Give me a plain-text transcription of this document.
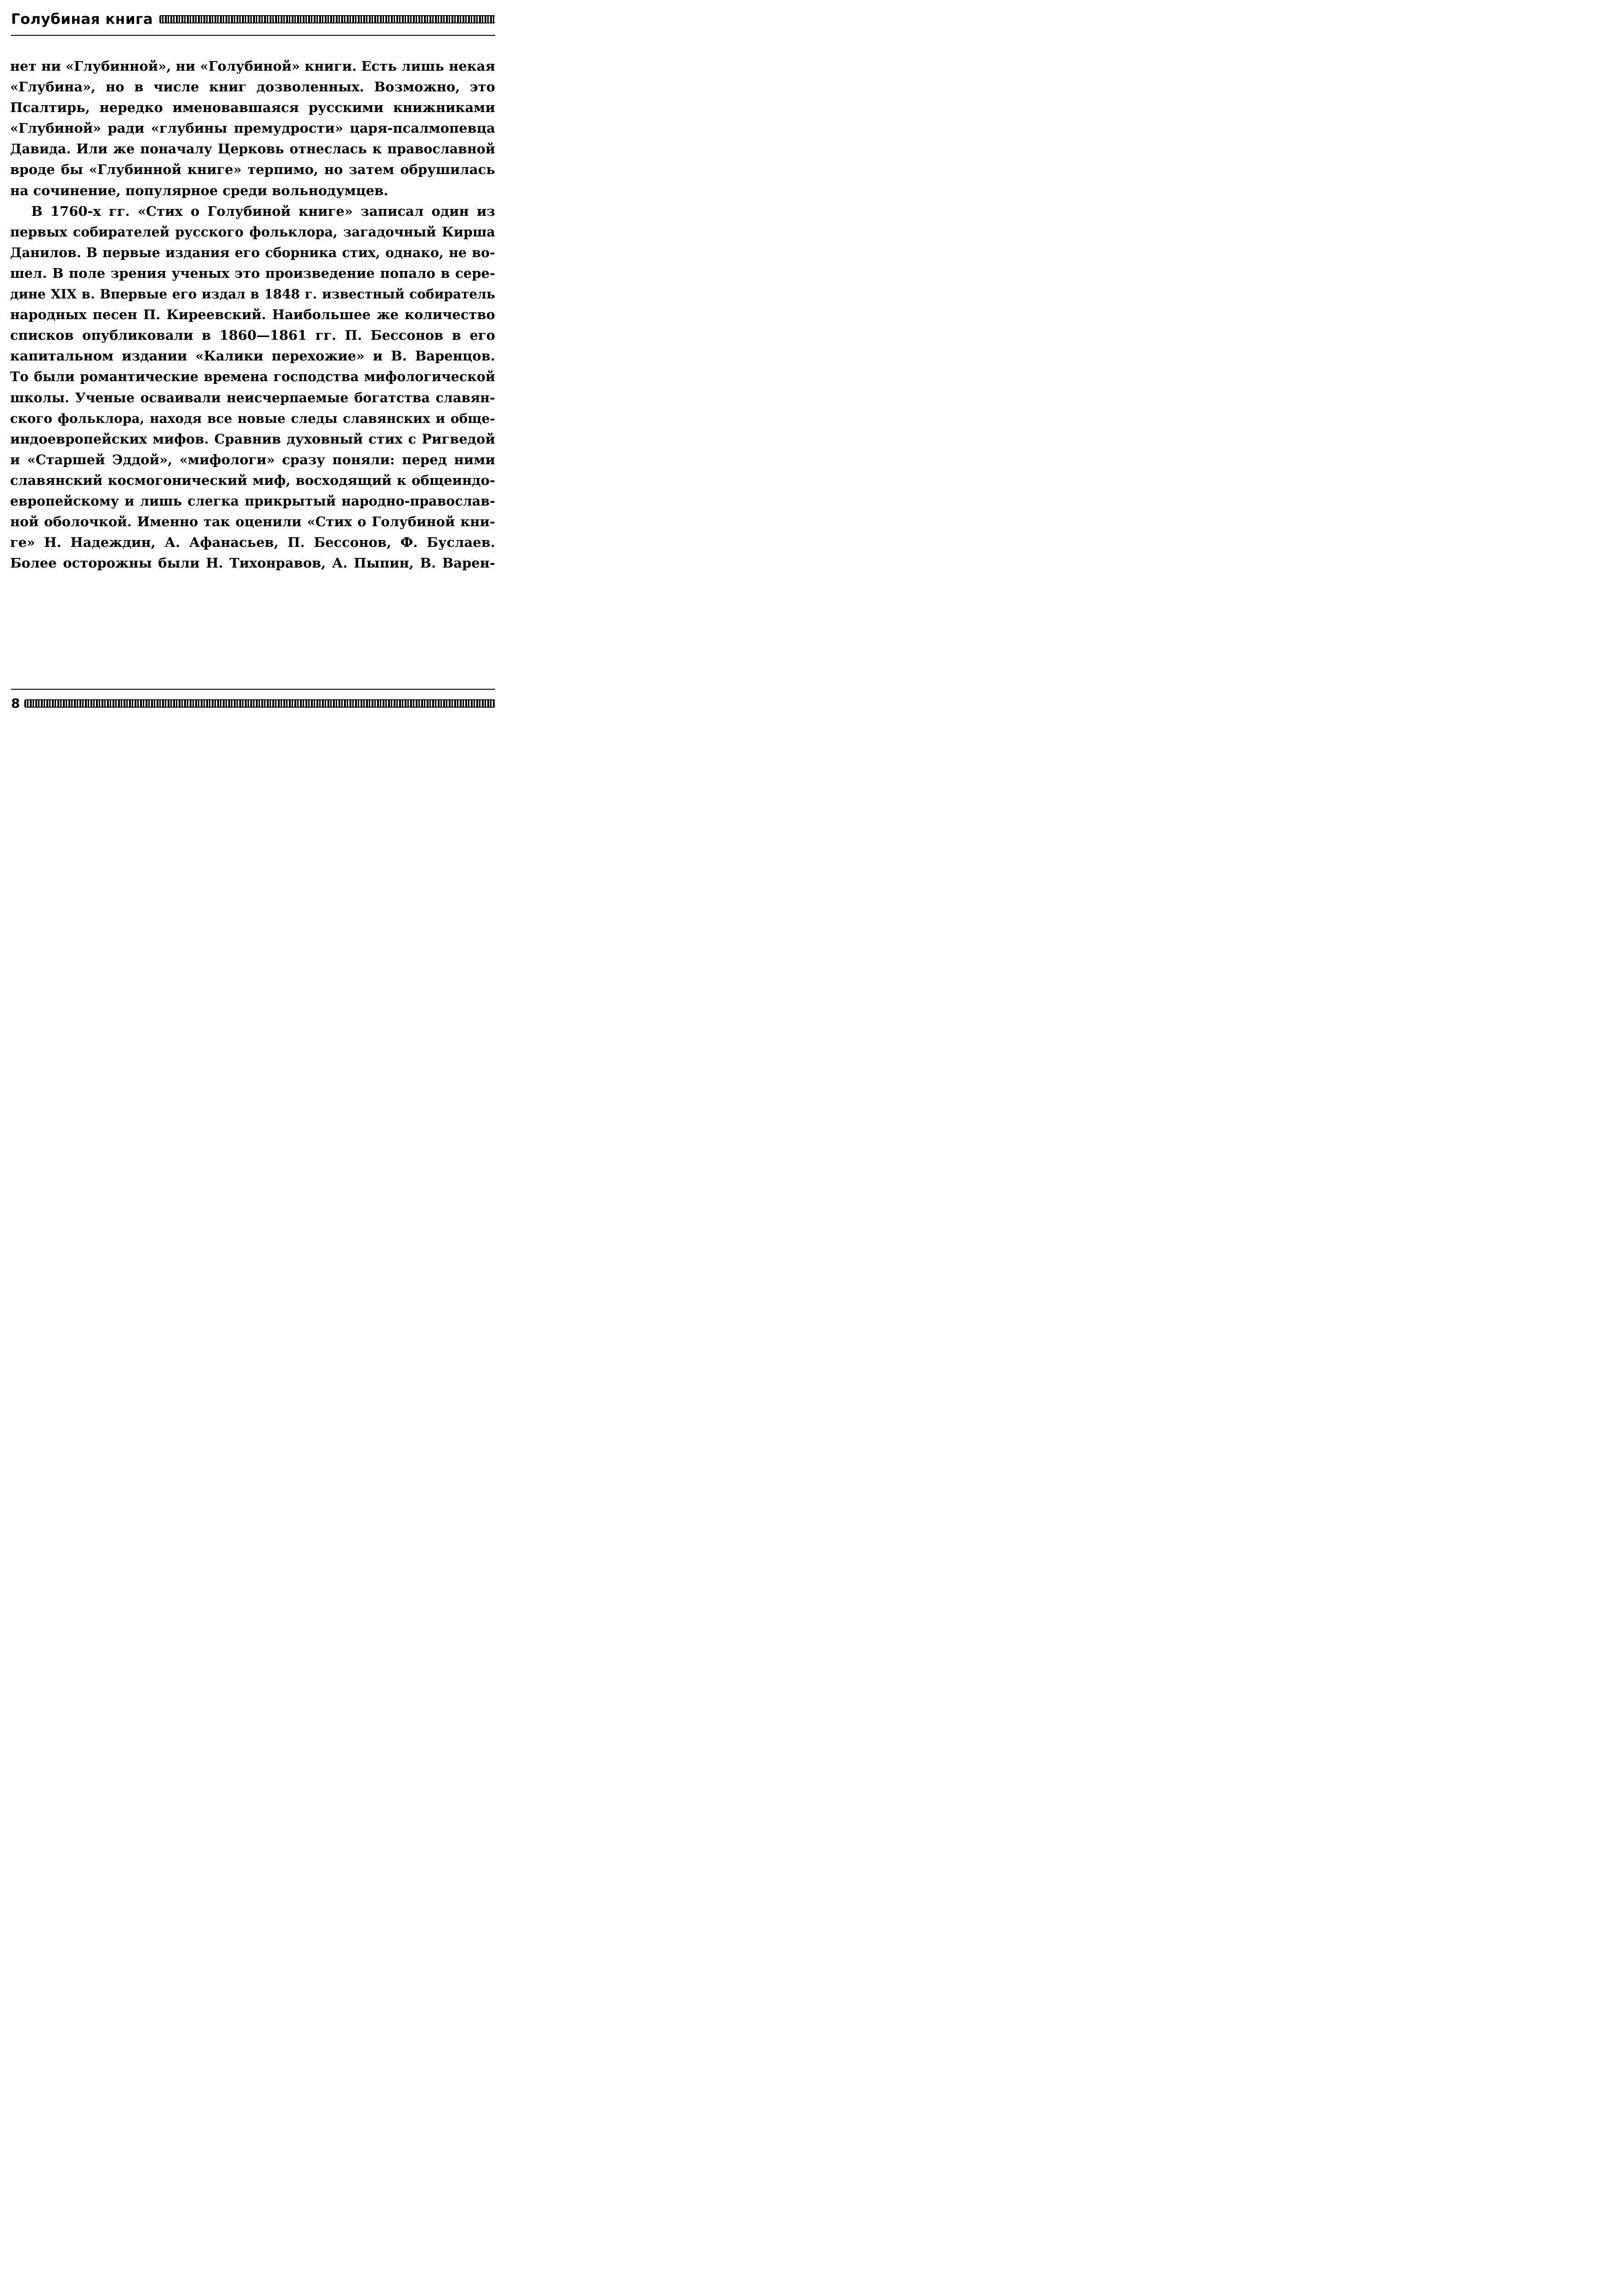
Голубиная книга
нет ни «Глубинной», ни «Голубиной» книги. Есть лишь некая
«Глубина», но в числе книг дозволенных. Возможно, это
Псалтирь, нередко именовавшаяся русскими книжниками
«Глубиной» ради «глубины премудрости» царя-псалмопевца
Давида. Или же поначалу Церковь отнеслась к православной
вроде бы «Глубинной книге» терпимо, но затем обрушилась
на сочинение, популярное среди вольнодумцев.
В 1760-х гг. «Стих о Голубиной книге» записал один из
первых собирателей русского фольклора, загадочный Кирша
Данилов. В первые издания его сборника стих, однако, не во-
шел. В поле зрения ученых это произведение попало в сере-
дине XIX в. Впервые его издал в 1848 г. известный собиратель
народных песен П. Киреевский. Наибольшее же количество
списков опубликовали в 1860—1861 гг. П. Бессонов в его
капитальном издании «Калики перехожие» и В. Варенцов.
То были романтические времена господства мифологической
школы. Ученые осваивали неисчерпаемые богатства славян-
ского фольклора, находя все новые следы славянских и обще-
индоевропейских мифов. Сравнив духовный стих с Ригведой
и «Старшей Эддой», «мифологи» сразу поняли: перед ними
славянский космогонический миф, восходящий к общеиндо-
европейскому и лишь слегка прикрытый народно-православ-
ной оболочкой. Именно так оценили «Стих о Голубиной кни-
ге» Н. Надеждин, А. Афанасьев, П. Бессонов, Ф. Буслаев.
Более осторожны были Н. Тихонравов, А. Пыпин, В. Варен-
8
